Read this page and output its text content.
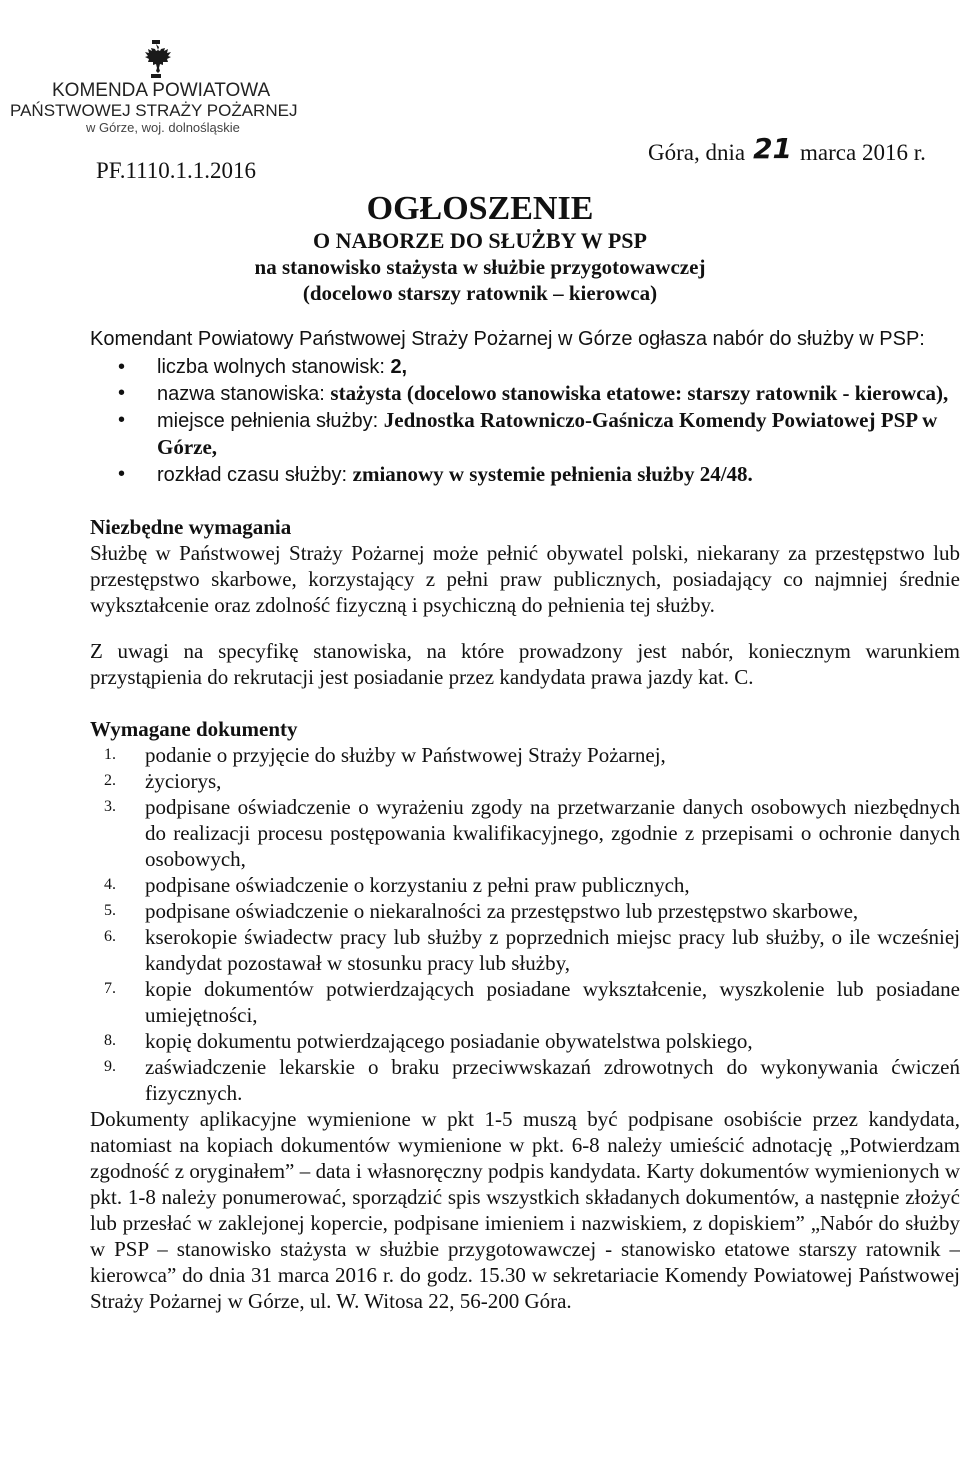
KOMENDA POWIATOWA
PAŃSTWOWEJ STRAŻY POŻARNEJ
w Górze, woj. dolnośląskie
PF.1110.1.1.2016
Góra, dnia 21 marca 2016 r.
OGŁOSZENIE
O NABORZE DO SŁUŻBY W PSP
na stanowisko stażysta w służbie przygotowawczej
(docelowo starszy ratownik – kierowca)

Komendant Powiatowy Państwowej Straży Pożarnej w Górze ogłasza nabór do służby w PSP:

• liczba wolnych stanowisk: 2,
• nazwa stanowiska: stażysta (docelowo stanowiska etatowe: starszy ratownik - kierowca),
• miejsce pełnienia służby: Jednostka Ratowniczo-Gaśnicza Komendy Powiatowej PSP w Górze,
• rozkład czasu służby: zmianowy w systemie pełnienia służby 24/48.
Niezbędne wymagania

Służbę w Państwowej Straży Pożarnej może pełnić obywatel polski, niekarany za przestępstwo lub przestępstwo skarbowe, korzystający z pełni praw publicznych, posiadający co najmniej średnie wykształcenie oraz zdolność fizyczną i psychiczną do pełnienia tej służby.

Z uwagi na specyfikę stanowiska, na które prowadzony jest nabór, koniecznym warunkiem przystąpienia do rekrutacji jest posiadanie przez kandydata prawa jazdy kat. C.

Wymagane dokumenty
1. podanie o przyjęcie do służby w Państwowej Straży Pożarnej,
2. życiorys,
3. podpisane oświadczenie o wyrażeniu zgody na przetwarzanie danych osobowych niezbędnych do realizacji procesu postępowania kwalifikacyjnego, zgodnie z przepisami o ochronie danych osobowych,
4. podpisane oświadczenie o korzystaniu z pełni praw publicznych,
5. podpisane oświadczenie o niekaralności za przestępstwo lub przestępstwo skarbowe,
6. kserokopie świadectw pracy lub służby z poprzednich miejsc pracy lub służby, o ile wcześniej kandydat pozostawał w stosunku pracy lub służby,
7. kopie dokumentów potwierdzających posiadane wykształcenie, wyszkolenie lub posiadane umiejętności,
8. kopię dokumentu potwierdzającego posiadanie obywatelstwa polskiego,
9. zaświadczenie lekarskie o braku przeciwwskazań zdrowotnych do wykonywania ćwiczeń fizycznych.

Dokumenty aplikacyjne wymienione w pkt 1-5 muszą być podpisane osobiście przez kandydata, natomiast na kopiach dokumentów wymienione w pkt. 6-8 należy umieścić adnotację „Potwierdzam zgodność z oryginałem” – data i własnoręczny podpis kandydata. Karty dokumentów wymienionych w pkt. 1-8 należy ponumerować, sporządzić spis wszystkich składanych dokumentów, a następnie złożyć lub przesłać w zaklejonej kopercie, podpisane imieniem i nazwiskiem, z dopiskiem” „Nabór do służby w PSP – stanowisko stażysta w służbie przygotowawczej - stanowisko etatowe starszy ratownik – kierowca” do dnia 31 marca 2016 r. do godz. 15.30 w sekretariacie Komendy Powiatowej Państwowej Straży Pożarnej w Górze, ul. W. Witosa 22, 56-200 Góra.
